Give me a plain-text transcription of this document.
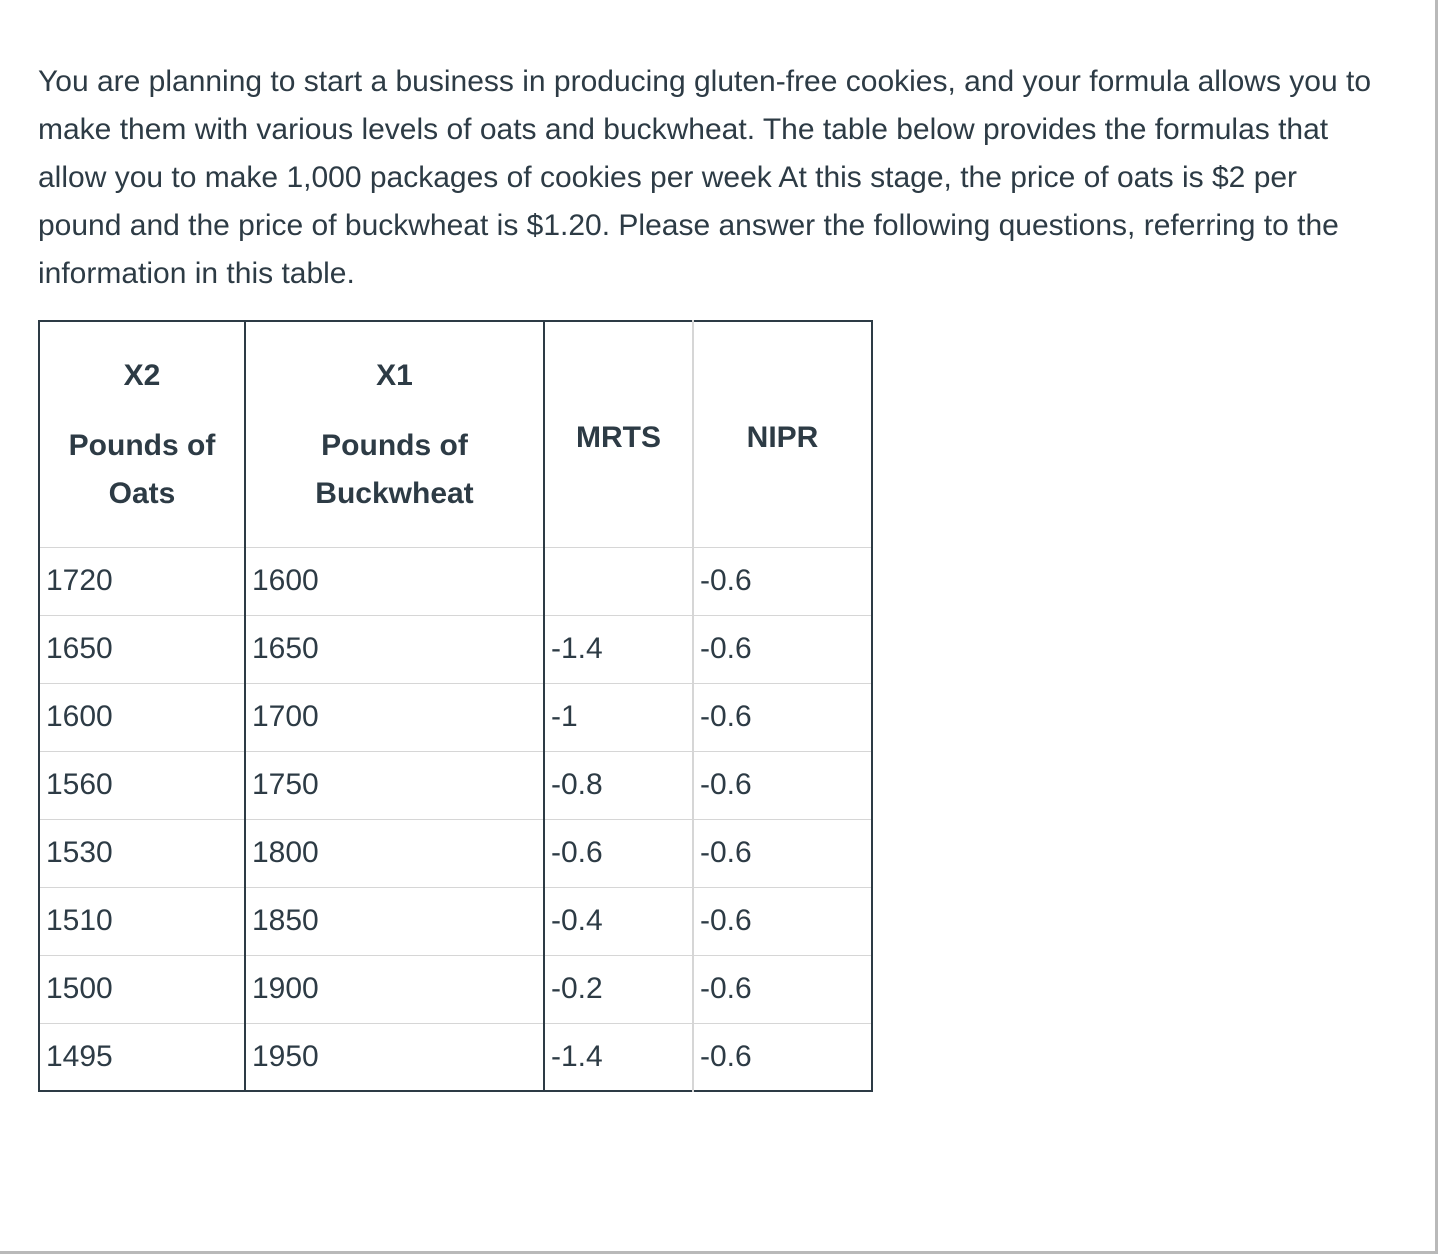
You are planning to start a business in producing gluten-free cookies, and your formula allows you to make them with various levels of oats and buckwheat. The table below provides the formulas that allow you to make 1,000 packages of cookies per week At this stage, the price of oats is $2 per pound and the price of buckwheat is $1.20. Please answer the following questions, referring to the information in this table.

X2
Pounds of
Oats	X1
Pounds of
Buckwheat	MRTS	NIPR

1720	1600		-0.6
1650	1650	-1.4	-0.6
1600	1700	-1	-0.6
1560	1750	-0.8	-0.6
1530	1800	-0.6	-0.6
1510	1850	-0.4	-0.6
1500	1900	-0.2	-0.6
1495	1950	-1.4	-0.6
